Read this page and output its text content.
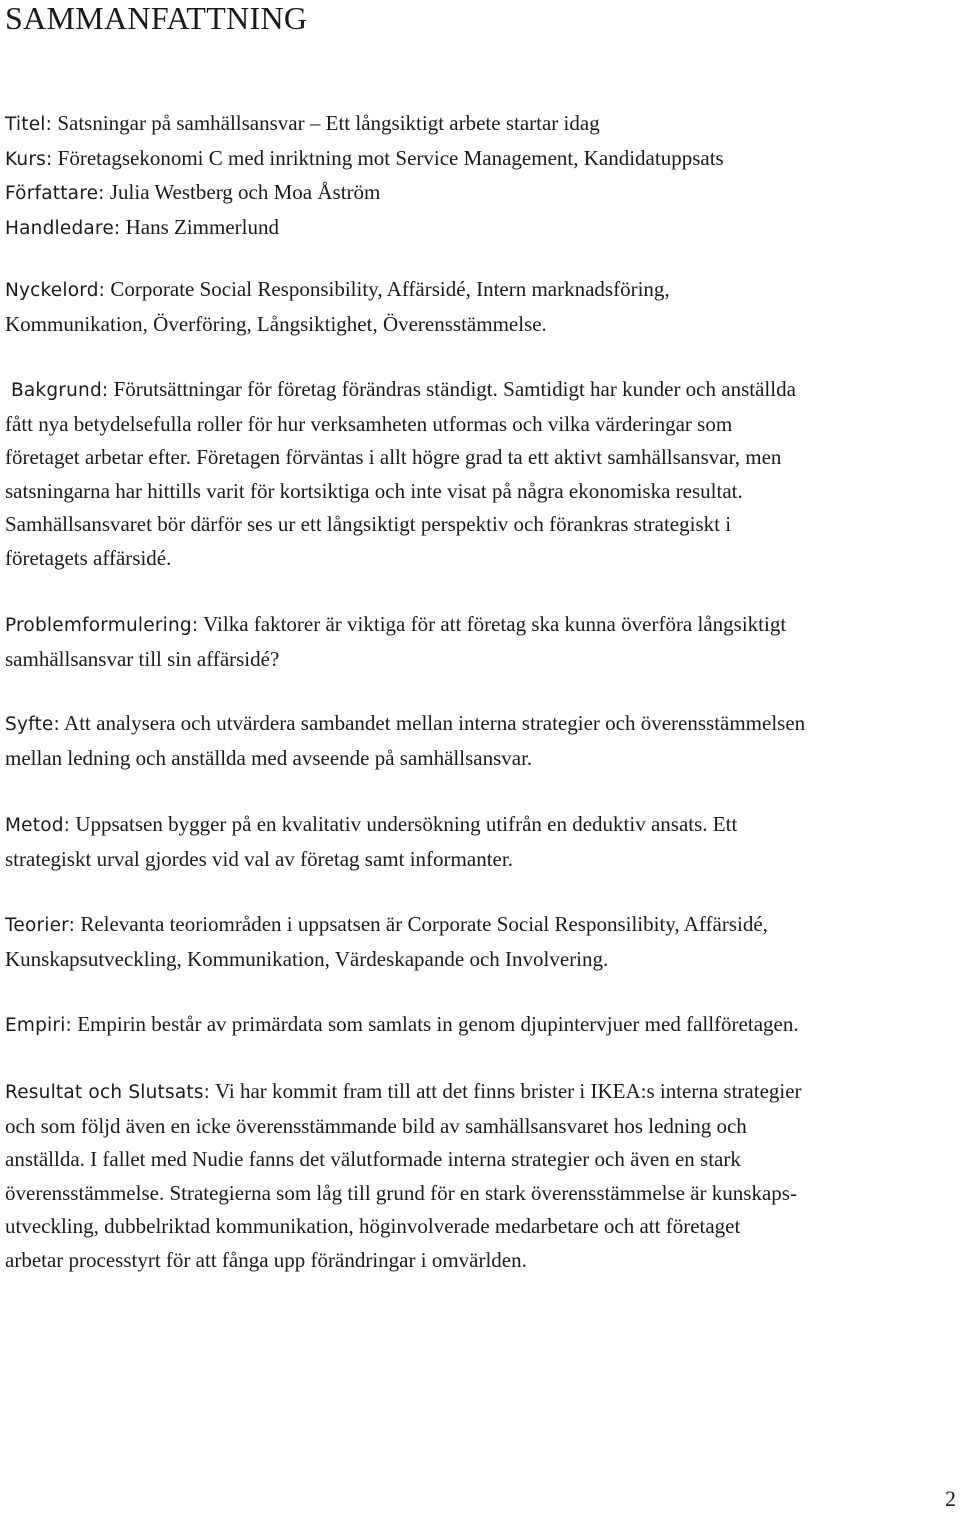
SAMMANFATTNING

Titel: Satsningar på samhällsansvar – Ett långsiktigt arbete startar idag

Kurs: Företagsekonomi C med inriktning mot Service Management, Kandidatuppsats

Författare: Julia Westberg och Moa Åström

Handledare: Hans Zimmerlund

Nyckelord: Corporate Social Responsibility, Affärsidé, Intern marknadsföring,

Kommunikation, Överföring, Långsiktighet, Överensstämmelse.

Bakgrund: Förutsättningar för företag förändras ständigt. Samtidigt har kunder och anställda

fått nya betydelsefulla roller för hur verksamheten utformas och vilka värderingar som

företaget arbetar efter. Företagen förväntas i allt högre grad ta ett aktivt samhällsansvar, men

satsningarna har hittills varit för kortsiktiga och inte visat på några ekonomiska resultat.

Samhällsansvaret bör därför ses ur ett långsiktigt perspektiv och förankras strategiskt i

företagets affärsidé.

Problemformulering: Vilka faktorer är viktiga för att företag ska kunna överföra långsiktigt

samhällsansvar till sin affärsidé?

Syfte: Att analysera och utvärdera sambandet mellan interna strategier och överensstämmelsen

mellan ledning och anställda med avseende på samhällsansvar.

Metod: Uppsatsen bygger på en kvalitativ undersökning utifrån en deduktiv ansats. Ett

strategiskt urval gjordes vid val av företag samt informanter.

Teorier: Relevanta teoriområden i uppsatsen är Corporate Social Responsilibity, Affärsidé,

Kunskapsutveckling, Kommunikation, Värdeskapande och Involvering.

Empiri: Empirin består av primärdata som samlats in genom djupintervjuer med fallföretagen.

Resultat och Slutsats: Vi har kommit fram till att det finns brister i IKEA:s interna strategier

och som följd även en icke överensstämmande bild av samhällsansvaret hos ledning och

anställda. I fallet med Nudie fanns det välutformade interna strategier och även en stark

överensstämmelse. Strategierna som låg till grund för en stark överensstämmelse är kunskaps-

utveckling, dubbelriktad kommunikation, höginvolverade medarbetare och att företaget

arbetar processtyrt för att fånga upp förändringar i omvärlden.

2
